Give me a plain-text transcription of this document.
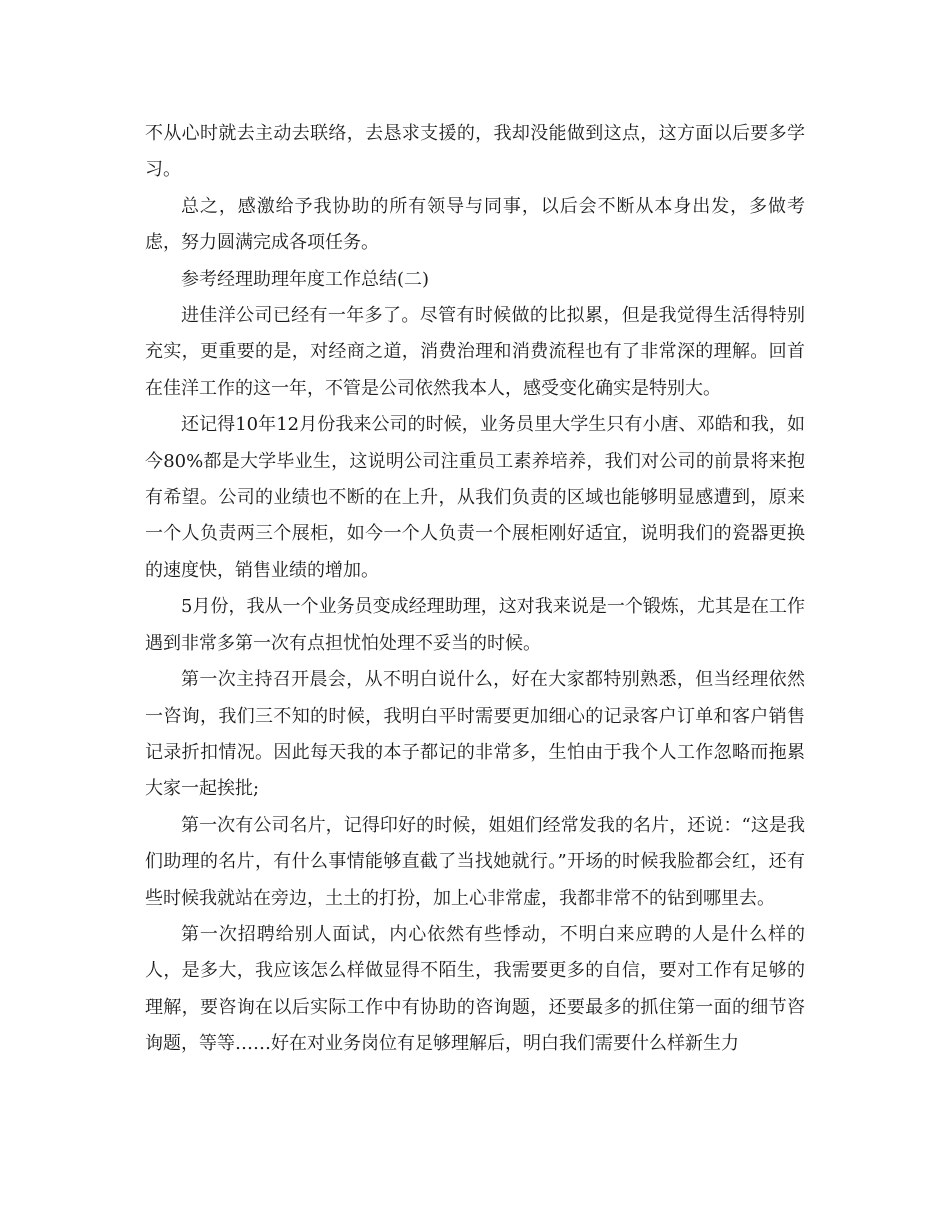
不从心时就去主动去联络，去恳求支援的，我却没能做到这点，这方面以后要多学习。

总之，感激给予我协助的所有领导与同事，以后会不断从本身出发，多做考虑，努力圆满完成各项任务。

参考经理助理年度工作总结(二)

进佳洋公司已经有一年多了。尽管有时候做的比拟累，但是我觉得生活得特别充实，更重要的是，对经商之道，消费治理和消费流程也有了非常深的理解。回首在佳洋工作的这一年，不管是公司依然我本人，感受变化确实是特别大。

还记得10年12月份我来公司的时候，业务员里大学生只有小唐、邓皓和我，如今80%都是大学毕业生，这说明公司注重员工素养培养，我们对公司的前景将来抱有希望。公司的业绩也不断的在上升，从我们负责的区域也能够明显感遭到，原来一个人负责两三个展柜，如今一个人负责一个展柜刚好适宜，说明我们的瓷器更换的速度快，销售业绩的增加。

5月份，我从一个业务员变成经理助理，这对我来说是一个锻炼，尤其是在工作遇到非常多第一次有点担忧怕处理不妥当的时候。

第一次主持召开晨会，从不明白说什么，好在大家都特别熟悉，但当经理依然一咨询，我们三不知的时候，我明白平时需要更加细心的记录客户订单和客户销售记录折扣情况。因此每天我的本子都记的非常多，生怕由于我个人工作忽略而拖累大家一起挨批;

第一次有公司名片，记得印好的时候，姐姐们经常发我的名片，还说：“这是我们助理的名片，有什么事情能够直截了当找她就行。”开场的时候我脸都会红，还有些时候我就站在旁边，土土的打扮，加上心非常虚，我都非常不的钻到哪里去。

第一次招聘给别人面试，内心依然有些悸动，不明白来应聘的人是什么样的人，是多大，我应该怎么样做显得不陌生，我需要更多的自信，要对工作有足够的理解，要咨询在以后实际工作中有协助的咨询题，还要最多的抓住第一面的细节咨询题，等等……好在对业务岗位有足够理解后，明白我们需要什么样新生力
